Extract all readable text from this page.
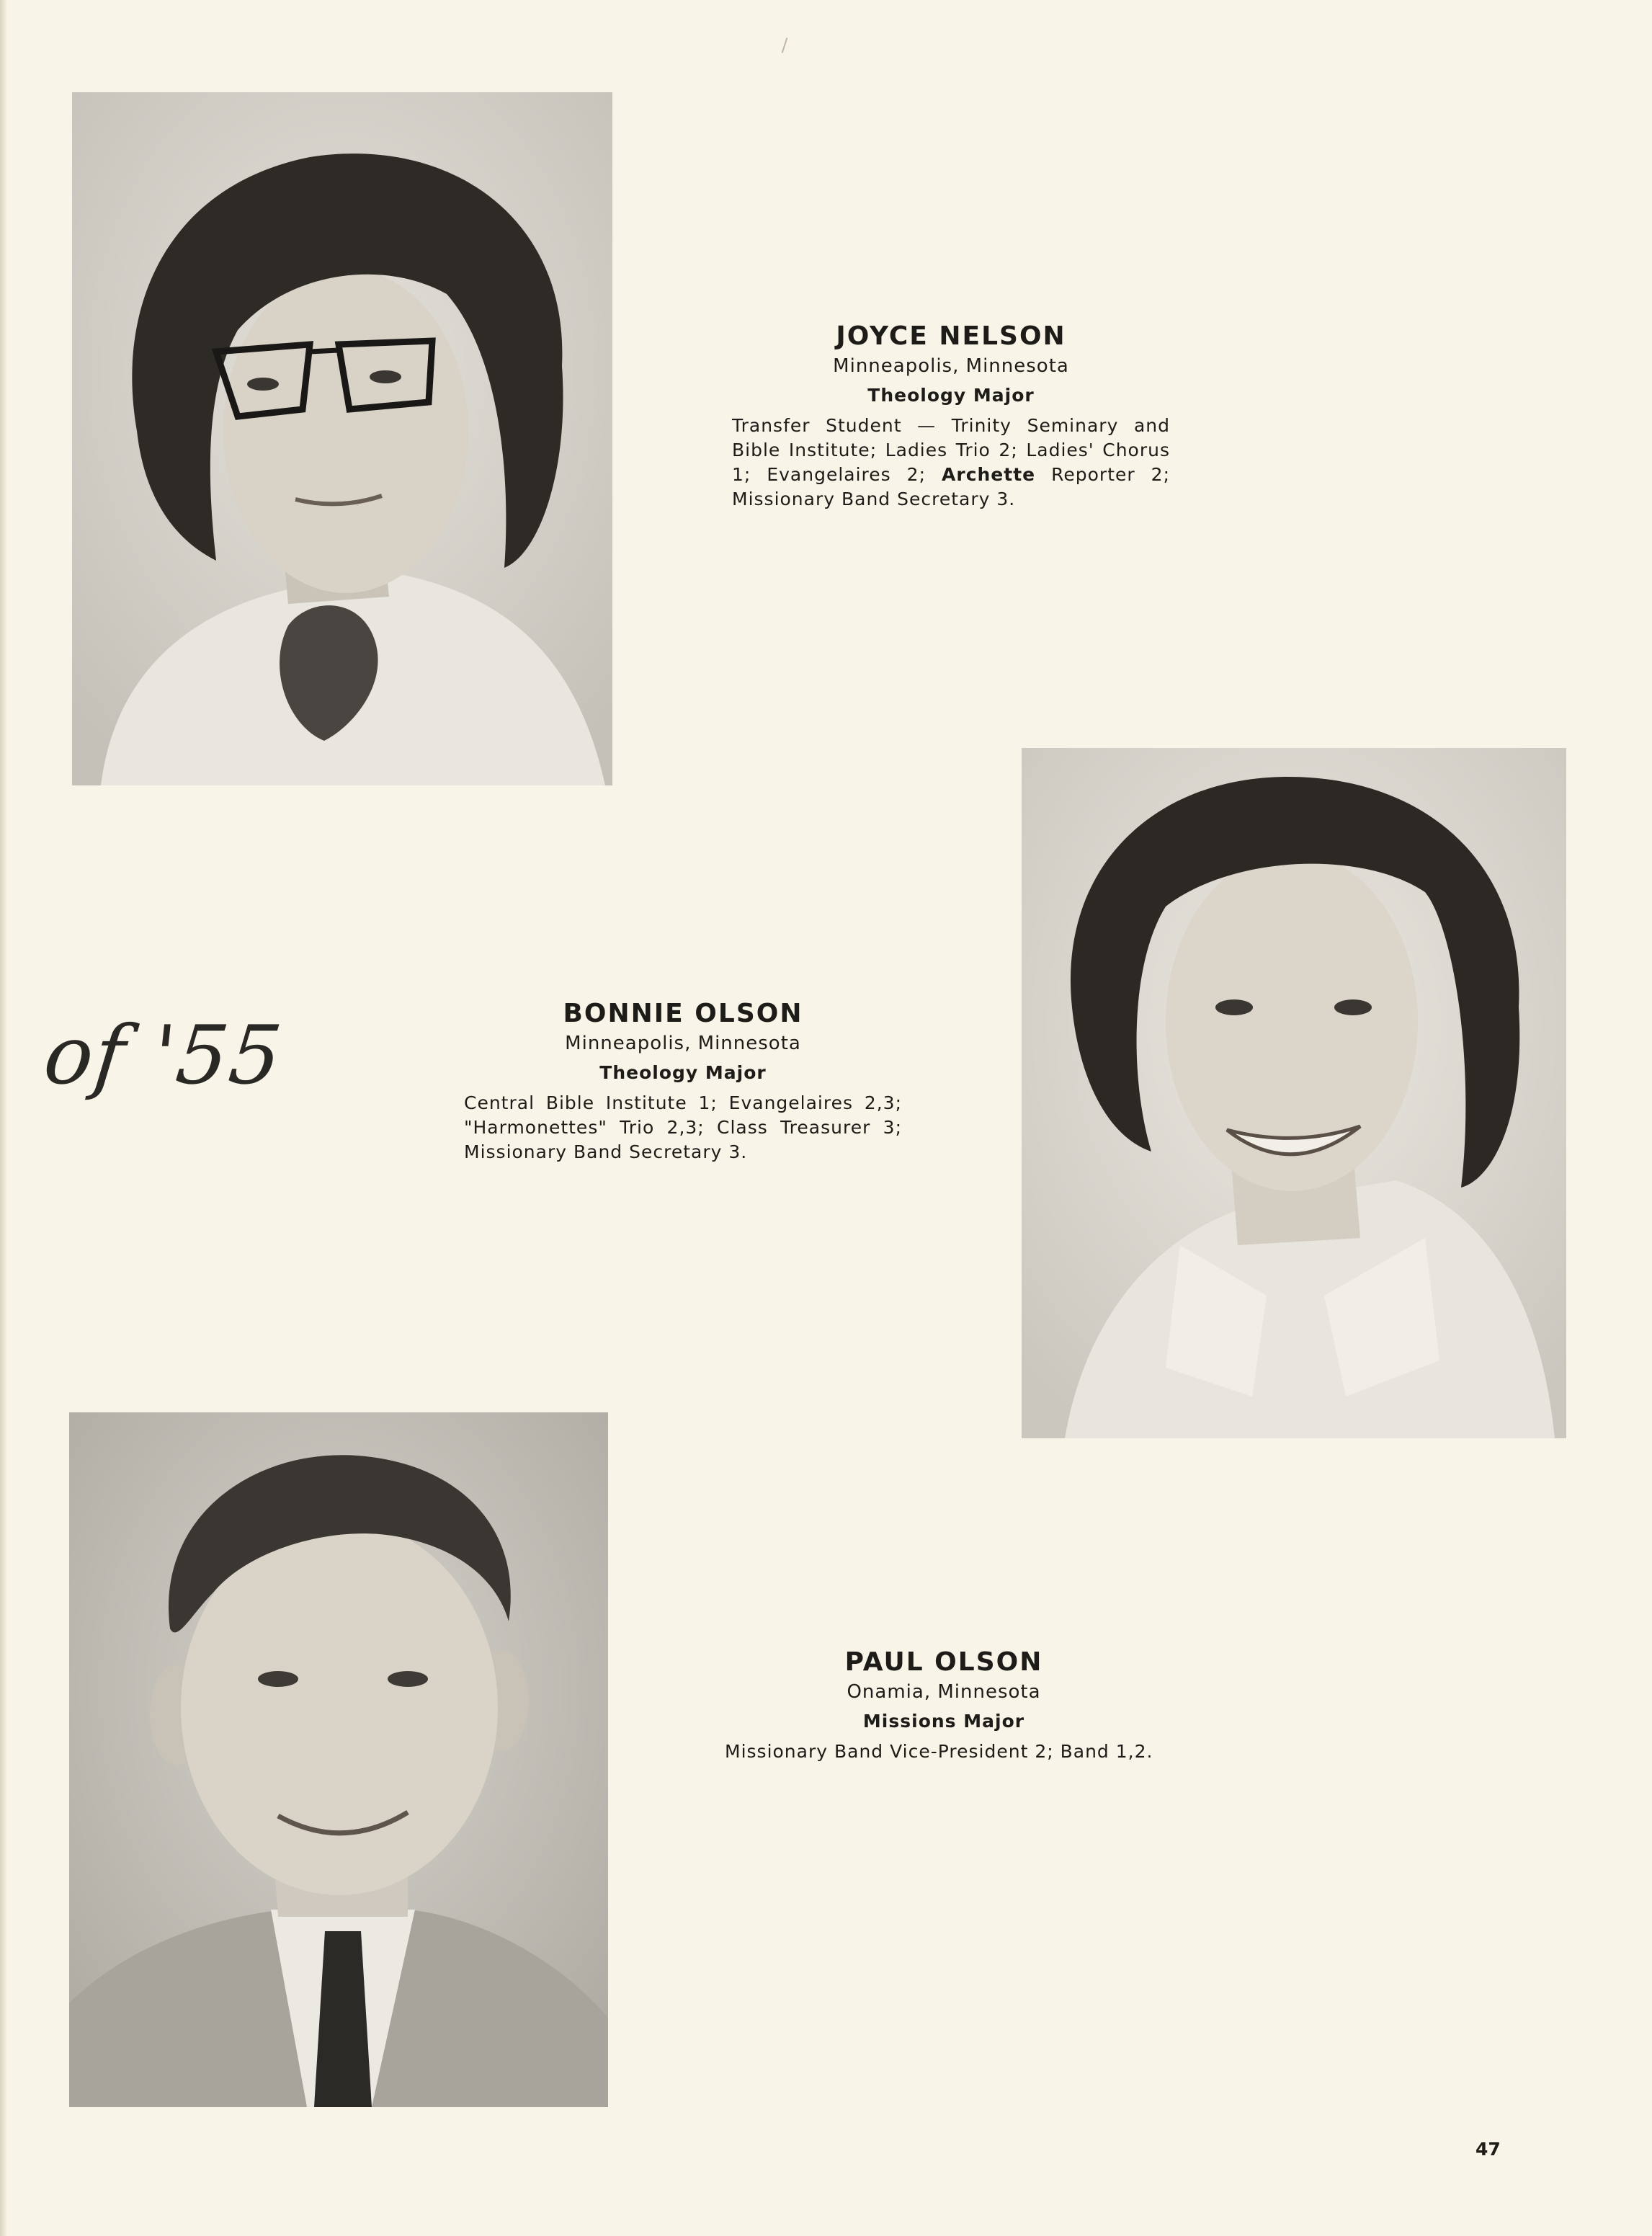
JOYCE NELSON
Minneapolis, Minnesota
Theology Major
Transfer Student — Trinity Seminary and Bible Institute; Ladies Trio 2; Ladies' Chorus 1; Evangelaires 2; Archette Reporter 2; Missionary Band Secretary 3.
of '55	BONNIE OLSON
Minneapolis, Minnesota
Theology Major
Central Bible Institute 1; Evangelaires 2,3; "Harmonettes" Trio 2,3; Class Treasurer 3; Missionary Band Secretary 3.
PAUL OLSON
Onamia, Minnesota
Missions Major
Missionary Band Vice-President 2; Band 1,2.
47
